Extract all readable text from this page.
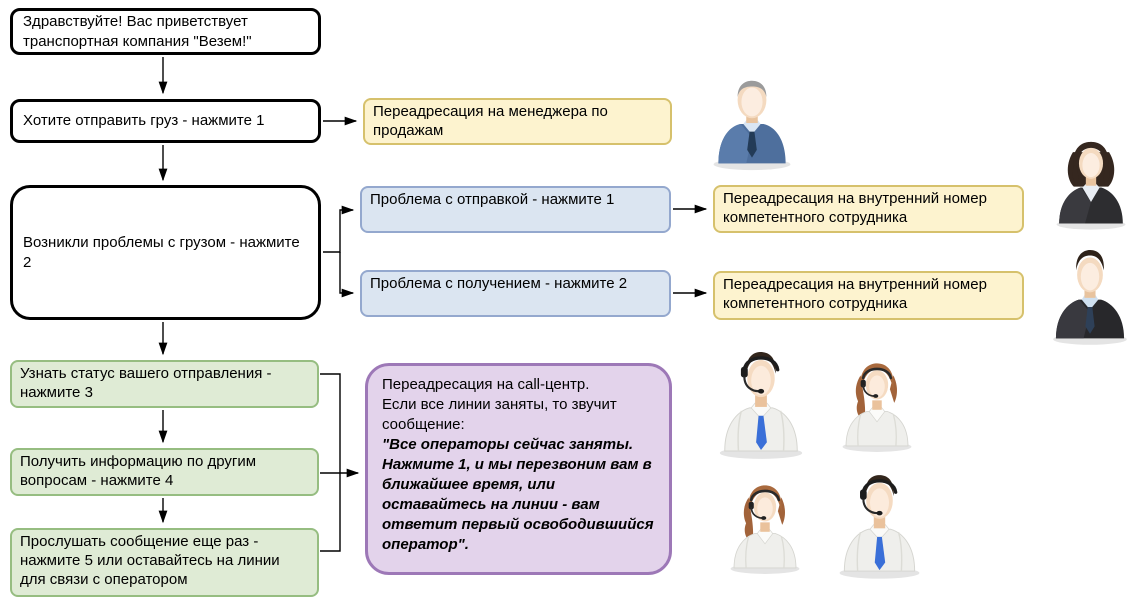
Здравствуйте! Вас приветствует транспортная компания "Везем!"
Хотите отправить груз - нажмите 1
Возникли проблемы с грузом - нажмите 2
Переадресация на менеджера по продажам
Проблема с отправкой - нажмите 1
Проблема с получением - нажмите 2
Переадресация на внутренний номер компетентного сотрудника
Переадресация на внутренний номер компетентного сотрудника
Узнать статус вашего отправления - нажмите 3
Получить информацию по другим вопросам - нажмите 4
Прослушать сообщение еще раз - нажмите 5 или оставайтесь на линии для связи с оператором
Переадресация на call-центр.
Если все линии заняты, то звучит сообщение:
"Все операторы сейчас заняты. Нажмите 1, и мы перезвоним вам в ближайшее время, или оставайтесь на линии - вам ответит первый освободившийся оператор".
